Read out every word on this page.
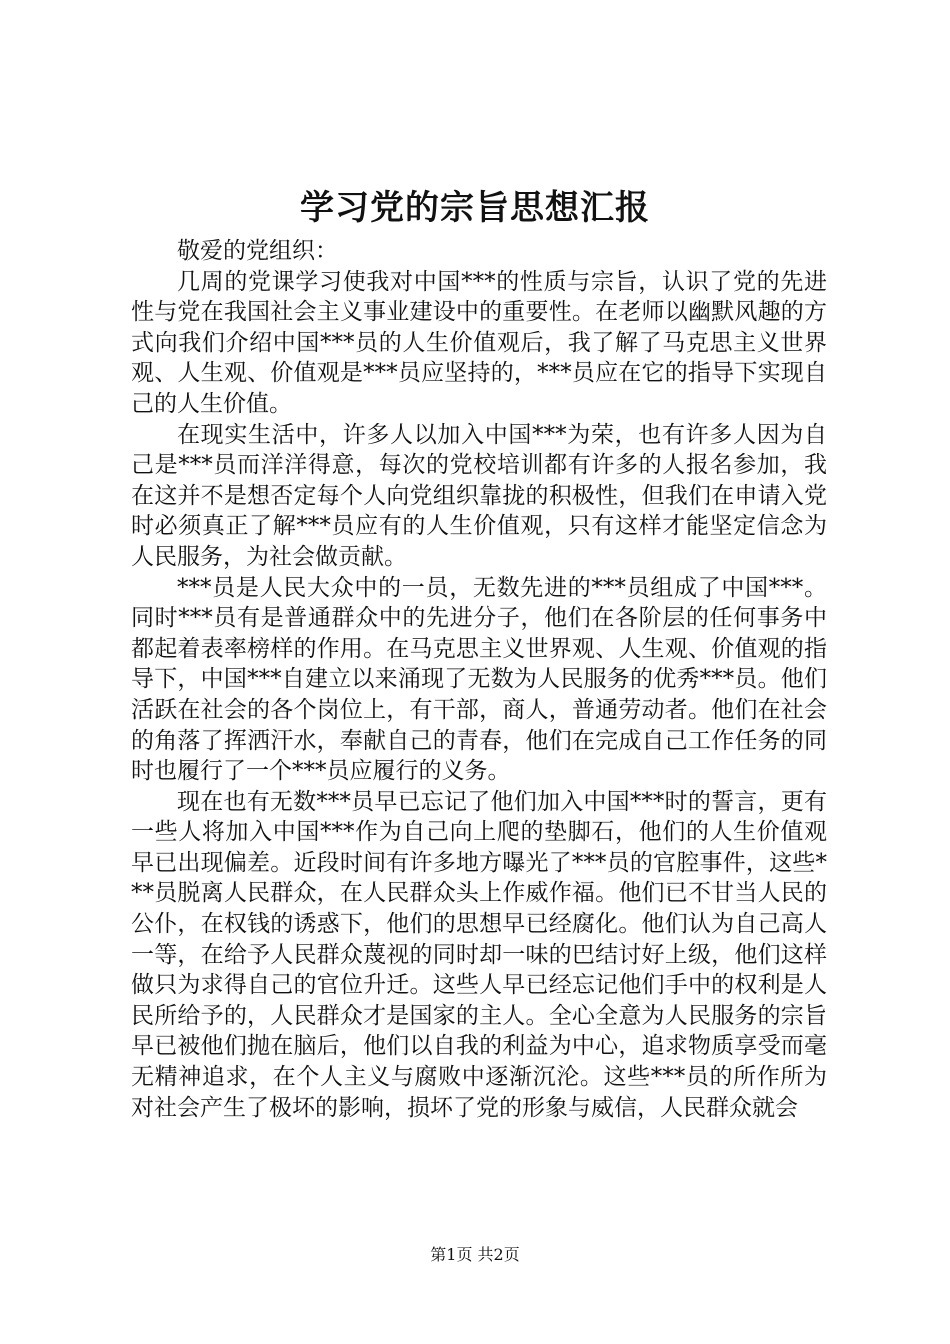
学习党的宗旨思想汇报

敬爱的党组织：

几周的党课学习使我对中国***的性质与宗旨，认识了党的先进性与党在我国社会主义事业建设中的重要性。在老师以幽默风趣的方式向我们介绍中国***员的人生价值观后，我了解了马克思主义世界观、人生观、价值观是***员应坚持的，***员应在它的指导下实现自己的人生价值。

在现实生活中，许多人以加入中国***为荣，也有许多人因为自己是***员而洋洋得意，每次的党校培训都有许多的人报名参加，我在这并不是想否定每个人向党组织靠拢的积极性，但我们在申请入党时必须真正了解***员应有的人生价值观，只有这样才能坚定信念为人民服务，为社会做贡献。

***员是人民大众中的一员，无数先进的***员组成了中国***。同时***员有是普通群众中的先进分子，他们在各阶层的任何事务中都起着表率榜样的作用。在马克思主义世界观、人生观、价值观的指导下，中国***自建立以来涌现了无数为人民服务的优秀***员。他们活跃在社会的各个岗位上，有干部，商人，普通劳动者。他们在社会的角落了挥洒汗水，奉献自己的青春，他们在完成自己工作任务的同时也履行了一个***员应履行的义务。

现在也有无数***员早已忘记了他们加入中国***时的誓言，更有一些人将加入中国***作为自己向上爬的垫脚石，他们的人生价值观早已出现偏差。近段时间有许多地方曝光了***员的官腔事件，这些***员脱离人民群众，在人民群众头上作威作福。他们已不甘当人民的公仆，在权钱的诱惑下，他们的思想早已经腐化。他们认为自己高人一等，在给予人民群众蔑视的同时却一味的巴结讨好上级，他们这样做只为求得自己的官位升迁。这些人早已经忘记他们手中的权利是人民所给予的，人民群众才是国家的主人。全心全意为人民服务的宗旨早已被他们抛在脑后，他们以自我的利益为中心，追求物质享受而毫无精神追求，在个人主义与腐败中逐渐沉沦。这些***员的所作所为对社会产生了极坏的影响，损坏了党的形象与威信，人民群众就会

第1页 共2页
